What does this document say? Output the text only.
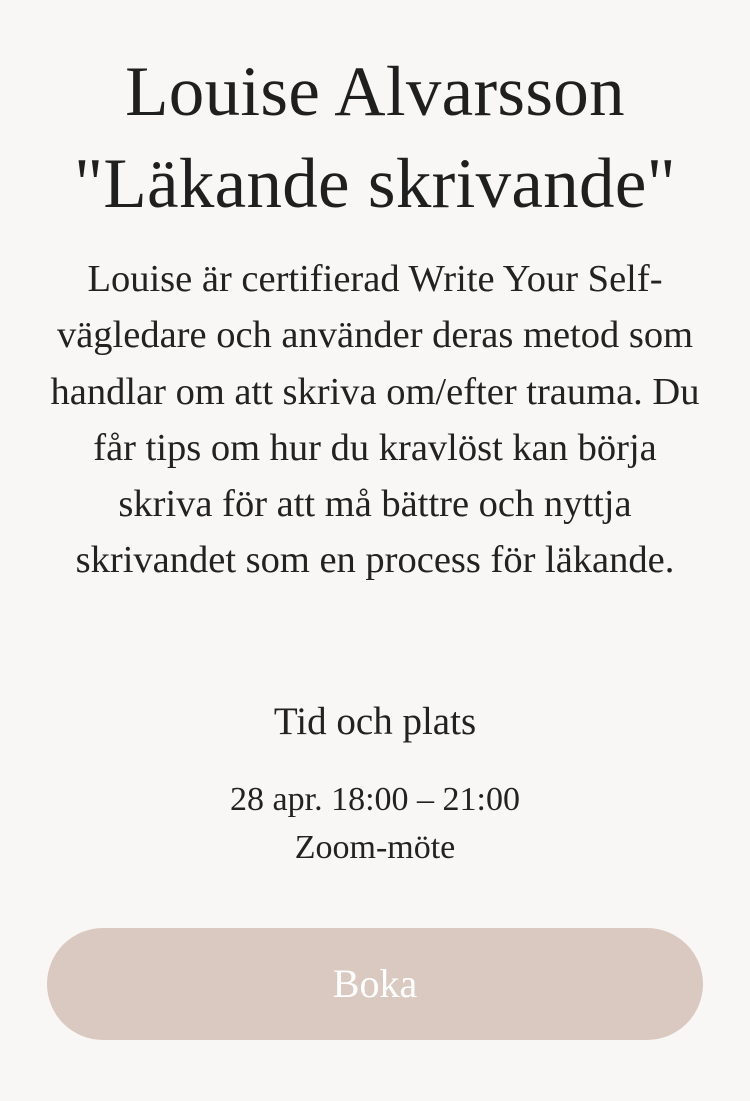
Louise Alvarsson
"Läkande skrivande"

Louise är certifierad Write Your Self-vägledare och använder deras metod som handlar om att skriva om/efter trauma. Du får tips om hur du kravlöst kan börja skriva för att må bättre och nyttja skrivandet som en process för läkande.

Tid och plats
28 apr. 18:00 – 21:00
Zoom-möte
Boka
